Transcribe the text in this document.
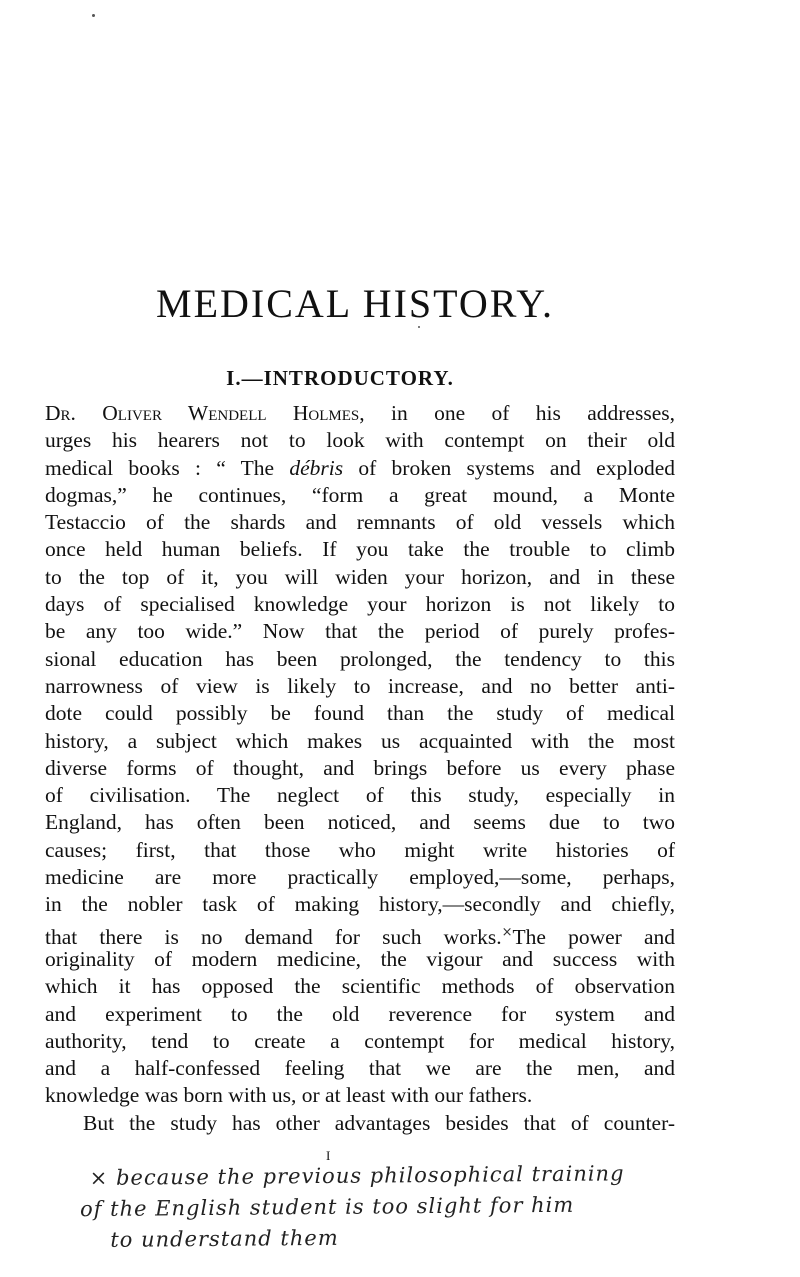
MEDICAL HISTORY.
I.—INTRODUCTORY.
Dr. Oliver Wendell Holmes, in one of his addresses,
urges his hearers not to look with contempt on their old
medical books : “ The débris of broken systems and exploded
dogmas,” he continues, “form a great mound, a Monte
Testaccio of the shards and remnants of old vessels which
once held human beliefs. If you take the trouble to climb
to the top of it, you will widen your horizon, and in these
days of specialised knowledge your horizon is not likely to
be any too wide.” Now that the period of purely profes-
sional education has been prolonged, the tendency to this
narrowness of view is likely to increase, and no better anti-
dote could possibly be found than the study of medical
history, a subject which makes us acquainted with the most
diverse forms of thought, and brings before us every phase
of civilisation. The neglect of this study, especially in
England, has often been noticed, and seems due to two
causes; first, that those who might write histories of
medicine are more practically employed,—some, perhaps,
in the nobler task of making history,—secondly and chiefly,
that there is no demand for such works.×The power and
originality of modern medicine, the vigour and success with
which it has opposed the scientific methods of observation
and experiment to the old reverence for system and
authority, tend to create a contempt for medical history,
and a half-confessed feeling that we are the men, and
knowledge was born with us, or at least with our fathers.
But the study has other advantages besides that of counter-
I
× because the previous philosophical training
of the English student is too slight for him
to understand them
